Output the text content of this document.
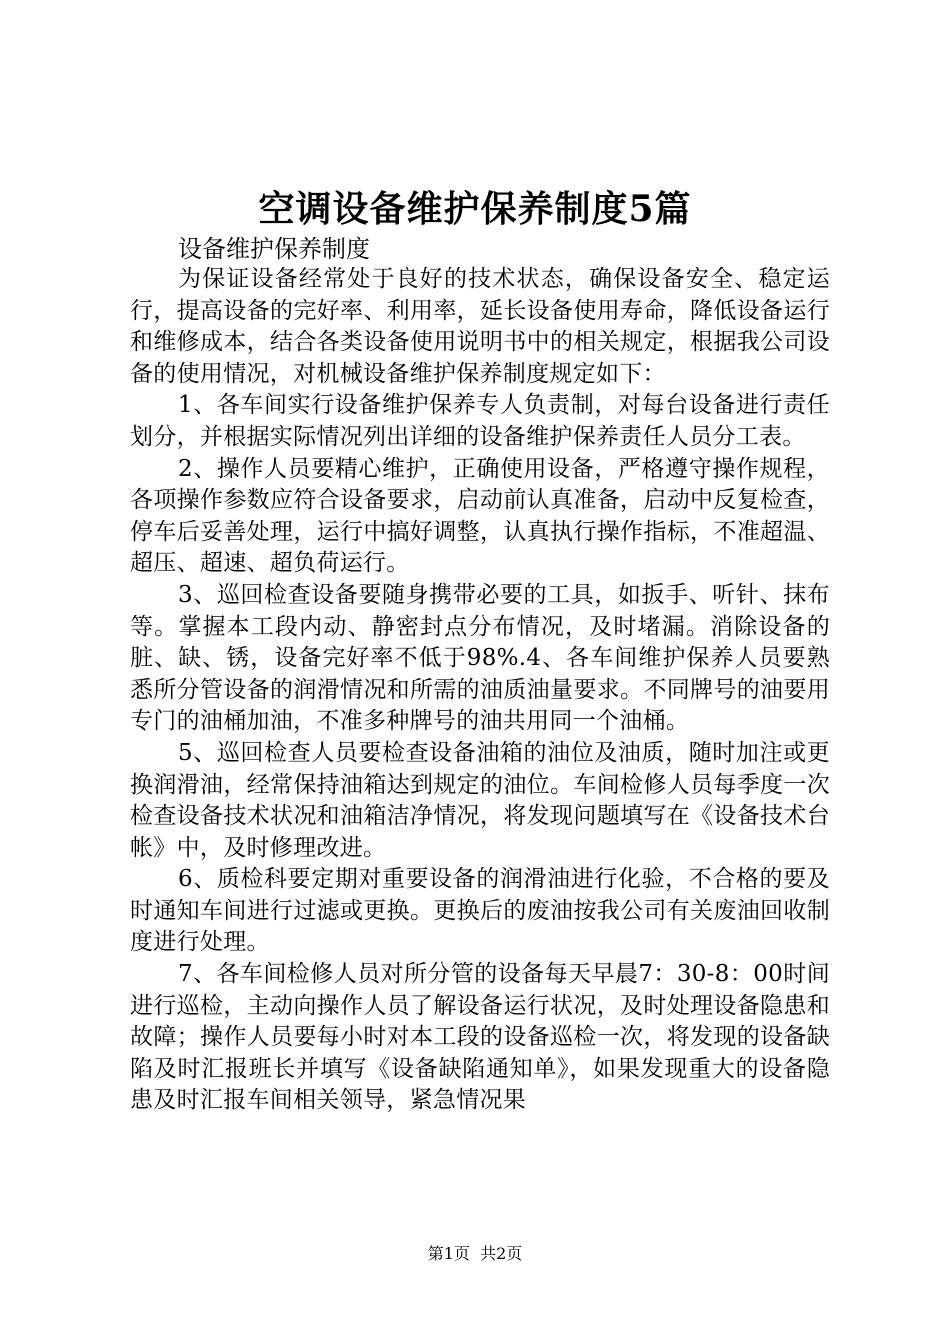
空调设备维护保养制度5篇
设备维护保养制度

为保证设备经常处于良好的技术状态，确保设备安全、稳定运行，提高设备的完好率、利用率，延长设备使用寿命，降低设备运行和维修成本，结合各类设备使用说明书中的相关规定，根据我公司设备的使用情况，对机械设备维护保养制度规定如下：

1、各车间实行设备维护保养专人负责制，对每台设备进行责任划分，并根据实际情况列出详细的设备维护保养责任人员分工表。

2、操作人员要精心维护，正确使用设备，严格遵守操作规程，各项操作参数应符合设备要求，启动前认真准备，启动中反复检查，停车后妥善处理，运行中搞好调整，认真执行操作指标，不准超温、超压、超速、超负荷运行。

3、巡回检查设备要随身携带必要的工具，如扳手、听针、抹布等。掌握本工段内动、静密封点分布情况，及时堵漏。消除设备的脏、缺、锈，设备完好率不低于98%.4、各车间维护保养人员要熟悉所分管设备的润滑情况和所需的油质油量要求。不同牌号的油要用专门的油桶加油，不准多种牌号的油共用同一个油桶。

5、巡回检查人员要检查设备油箱的油位及油质，随时加注或更换润滑油，经常保持油箱达到规定的油位。车间检修人员每季度一次检查设备技术状况和油箱洁净情况，将发现问题填写在《设备技术台帐》中，及时修理改进。

6、质检科要定期对重要设备的润滑油进行化验，不合格的要及时通知车间进行过滤或更换。更换后的废油按我公司有关废油回收制度进行处理。

7、各车间检修人员对所分管的设备每天早晨7：30-8：00时间进行巡检，主动向操作人员了解设备运行状况，及时处理设备隐患和故障；操作人员要每小时对本工段的设备巡检一次，将发现的设备缺陷及时汇报班长并填写《设备缺陷通知单》，如果发现重大的设备隐患及时汇报车间相关领导，紧急情况果

第1页  共2页
